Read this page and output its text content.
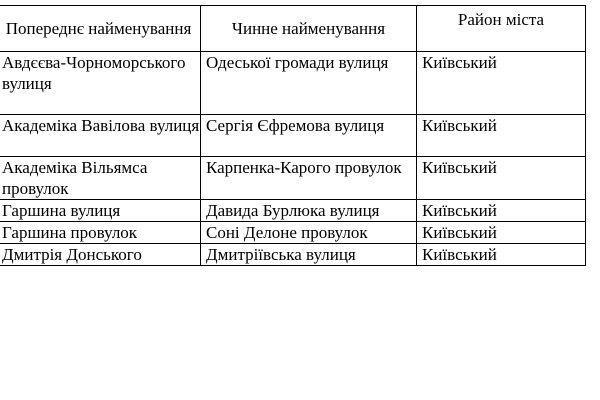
Попереднє найменування	Чинне найменування	Район міста
Авдєєва-Чорноморського вулиця	Одеської громади вулиця	Київський
Академіка Вавілова вулиця	Сергія Єфремова вулиця	Київський
Академіка Вільямса провулок	Карпенка-Карого провулок	Київський
Гаршина вулиця	Давида Бурлюка вулиця	Київський
Гаршина провулок	Соні Делоне провулок	Київський
Дмитрія Донського	Дмитріївська вулиця	Київський
